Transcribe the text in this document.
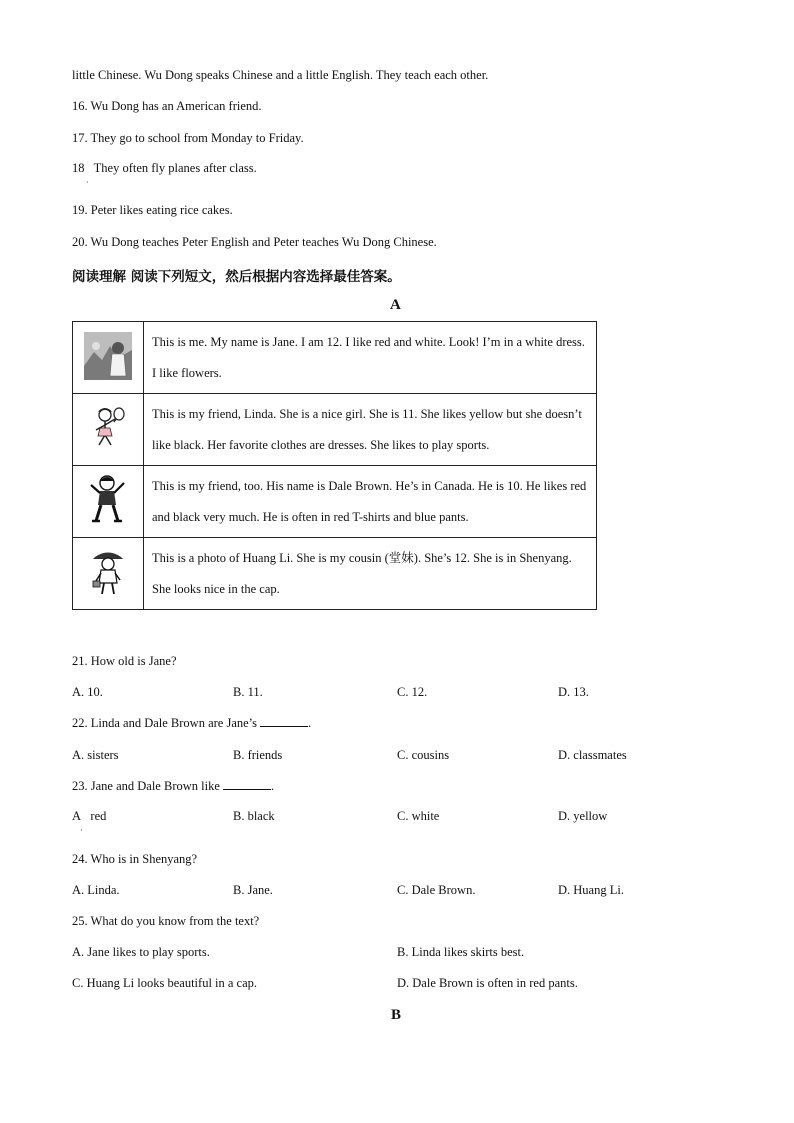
little Chinese. Wu Dong speaks Chinese and a little English. They teach each other.
16. Wu Dong has an American friend.
17. They go to school from Monday to Friday.
18 They often fly planes after class.
·
19. Peter likes eating rice cakes.
20. Wu Dong teaches Peter English and Peter teaches Wu Dong Chinese.
阅读理解 阅读下列短文，然后根据内容选择最佳答案。
A
	This is me. My name is Jane. I am 12. I like red and white. Look! I’m in a white dress. I like flowers.
	This is my friend, Linda. She is a nice girl. She is 11. She likes yellow but she doesn’t like black. Her favorite clothes are dresses. She likes to play sports.
	This is my friend, too. His name is Dale Brown. He’s in Canada. He is 10. He likes red and black very much. He is often in red T-shirts and blue pants.
	This is a photo of Huang Li. She is my cousin (堂妹). She’s 12. She is in Shenyang. She looks nice in the cap.
21. How old is Jane?
A. 10.	B. 11.	C. 12.	D. 13.
22. Linda and Dale Brown are Jane’s	.
A. sisters	B. friends	C. cousins	D. classmates
23. Jane and Dale Brown like	.
A red
·
B. black	C. white	D. yellow
24. Who is in Shenyang?
A. Linda.	B. Jane.	C. Dale Brown.	D. Huang Li.
25. What do you know from the text?
A. Jane likes to play sports.	B. Linda likes skirts best.
C. Huang Li looks beautiful in a cap.	D. Dale Brown is often in red pants.
B
